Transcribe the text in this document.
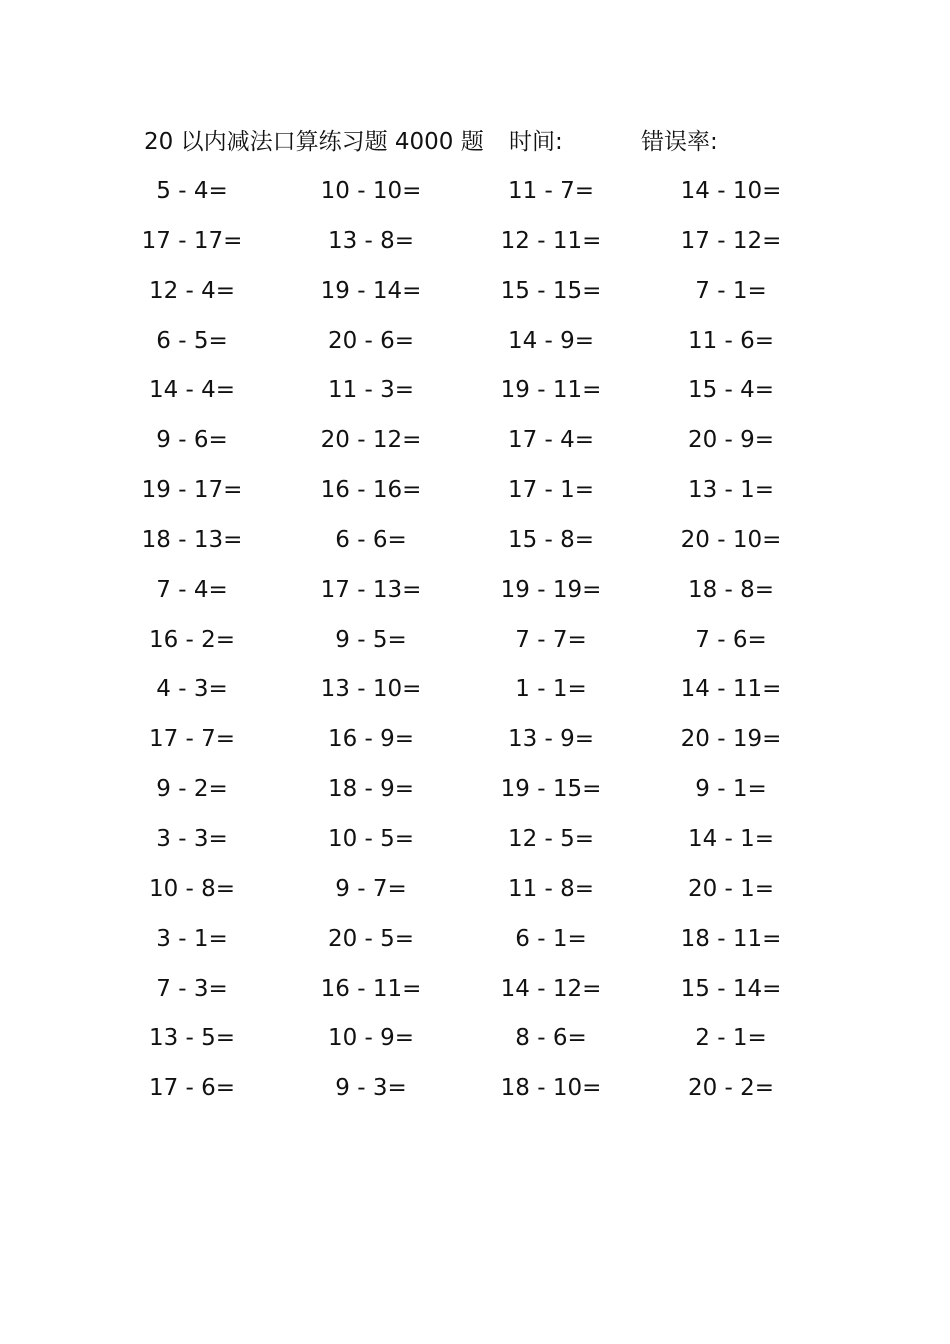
20 以内减法口算练习题 4000 题 时间:	错误率:
5 - 4=	10 - 10=	11 - 7=	14 - 10=
17 - 17=	13 - 8=	12 - 11=	17 - 12=
12 - 4=	19 - 14=	15 - 15=	7 - 1=
6 - 5=	20 - 6=	14 - 9=	11 - 6=
14 - 4=	11 - 3=	19 - 11=	15 - 4=
9 - 6=	20 - 12=	17 - 4=	20 - 9=
19 - 17=	16 - 16=	17 - 1=	13 - 1=
18 - 13=	6 - 6=	15 - 8=	20 - 10=
7 - 4=	17 - 13=	19 - 19=	18 - 8=
16 - 2=	9 - 5=	7 - 7=	7 - 6=
4 - 3=	13 - 10=	1 - 1=	14 - 11=
17 - 7=	16 - 9=	13 - 9=	20 - 19=
9 - 2=	18 - 9=	19 - 15=	9 - 1=
3 - 3=	10 - 5=	12 - 5=	14 - 1=
10 - 8=	9 - 7=	11 - 8=	20 - 1=
3 - 1=	20 - 5=	6 - 1=	18 - 11=
7 - 3=	16 - 11=	14 - 12=	15 - 14=
13 - 5=	10 - 9=	8 - 6=	2 - 1=
17 - 6=	9 - 3=	18 - 10=	20 - 2=
